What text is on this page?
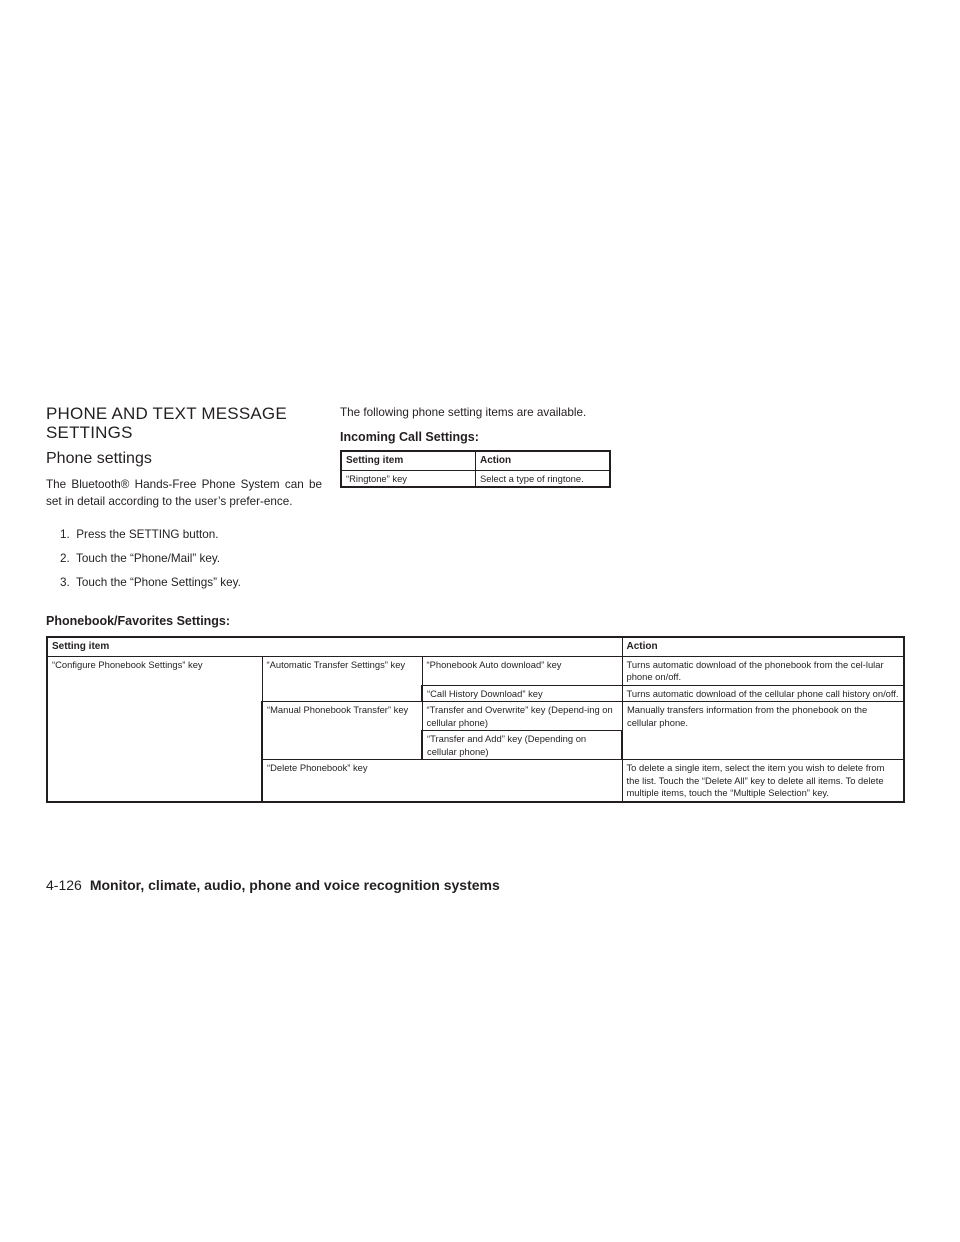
PHONE AND TEXT MESSAGE SETTINGS
Phone settings

The Bluetooth® Hands-Free Phone System can be set in detail according to the user’s prefer-ence.

1. Press the SETTING button.
2. Touch the “Phone/Mail” key.
3. Touch the “Phone Settings” key.
The following phone setting items are available.
Incoming Call Settings:
Setting item	Action
“Ringtone” key	Select a type of ringtone.
Phonebook/Favorites Settings:
Setting item			Action
“Configure Phonebook Settings” key	“Automatic Transfer Settings” key	“Phonebook Auto download” key	Turns automatic download of the phonebook from the cel-lular phone on/off.
		“Call History Download” key	Turns automatic download of the cellular phone call history on/off.
	“Manual Phonebook Transfer” key	“Transfer and Overwrite” key (Depend-ing on cellular phone)	Manually transfers information from the phonebook on the cellular phone.
		“Transfer and Add” key (Depending on cellular phone)	
	“Delete Phonebook” key		To delete a single item, select the item you wish to delete from the list. Touch the “Delete All” key to delete all items. To delete multiple items, touch the “Multiple Selection” key.
4-126 Monitor, climate, audio, phone and voice recognition systems
